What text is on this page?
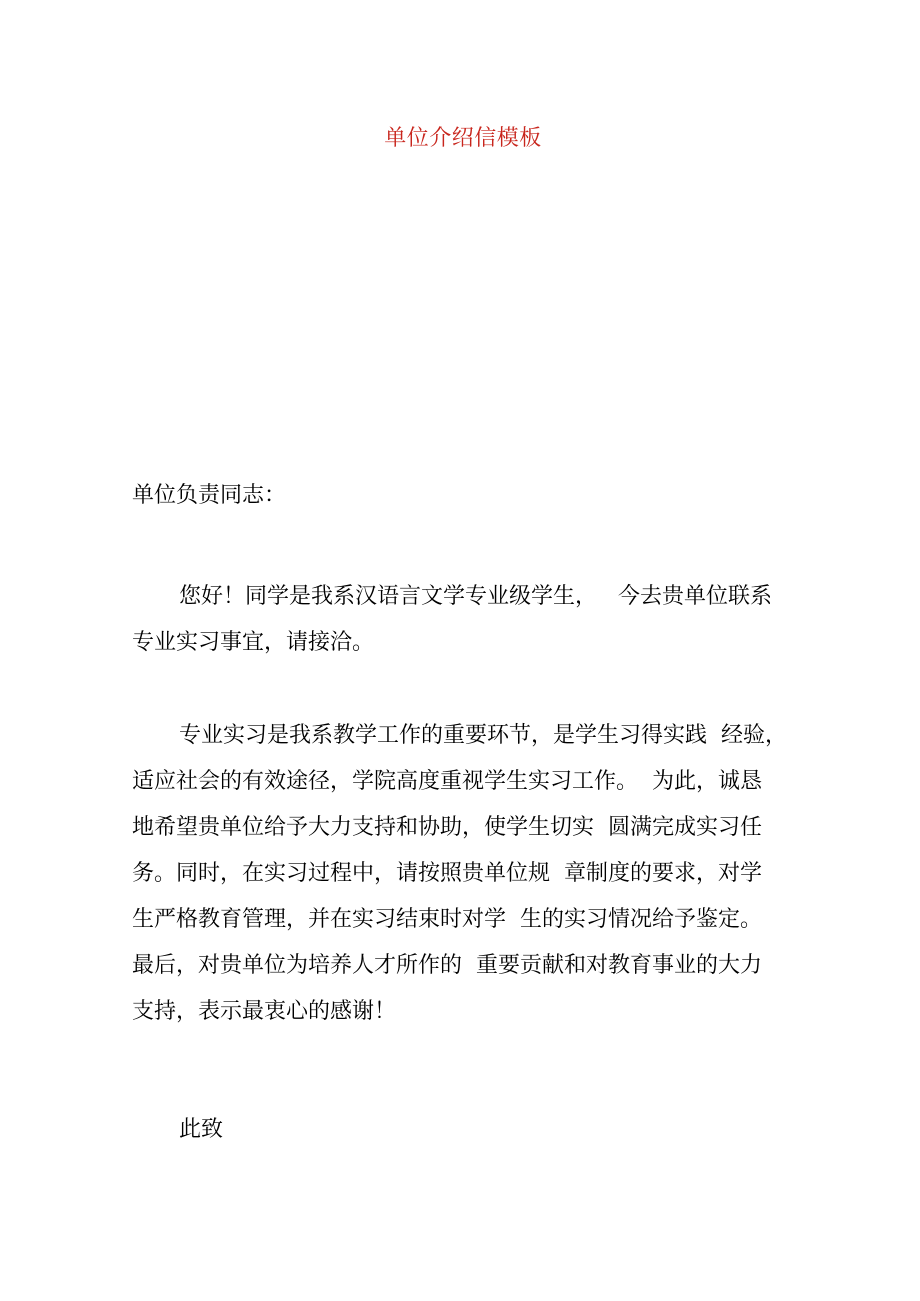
单位介绍信模板
单位负责同志：
您好！同学是我系汉语言文学专业级学生，   今去贵单位联系
专业实习事宜，请接洽。
专业实习是我系教学工作的重要环节，是学生习得实践  经验，
适应社会的有效途径，学院高度重视学生实习工作。  为此，诚恳
地希望贵单位给予大力支持和协助，使学生切实  圆满完成实习任
务。同时，在实习过程中，请按照贵单位规  章制度的要求，对学
生严格教育管理，并在实习结束时对学  生的实习情况给予鉴定。
最后，对贵单位为培养人才所作的  重要贡献和对教育事业的大力
支持，表示最衷心的感谢！
此致
